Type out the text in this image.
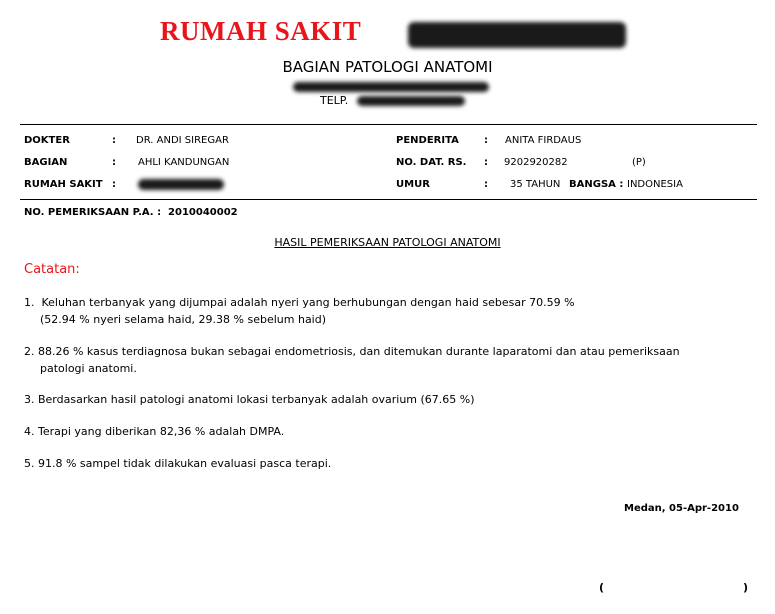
RUMAH SAKIT
BAGIAN PATOLOGI ANATOMI
TELP.
DOKTER	: DR. ANDI SIREGAR
BAGIAN	: AHLI KANDUNGAN
RUMAH SAKIT :
PENDERITA	: ANITA FIRDAUS
NO. DAT. RS. : 9202920282	(P)
UMUR	: 35 TAHUN BANGSA : INDONESIA
NO. PEMERIKSAAN P.A. :  2010040002
HASIL PEMERIKSAAN PATOLOGI ANATOMI
Catatan:
1.  Keluhan terbanyak yang dijumpai adalah nyeri yang berhubungan dengan haid sebesar 70.59 %
(52.94 % nyeri selama haid, 29.38 % sebelum haid)
2. 88.26 % kasus terdiagnosa bukan sebagai endometriosis, dan ditemukan durante laparatomi dan atau pemeriksaan
patologi anatomi.
3. Berdasarkan hasil patologi anatomi lokasi terbanyak adalah ovarium (67.65 %)
4. Terapi yang diberikan 82,36 % adalah DMPA.
5. 91.8 % sampel tidak dilakukan evaluasi pasca terapi.
Medan, 05-Apr-2010
(	)
